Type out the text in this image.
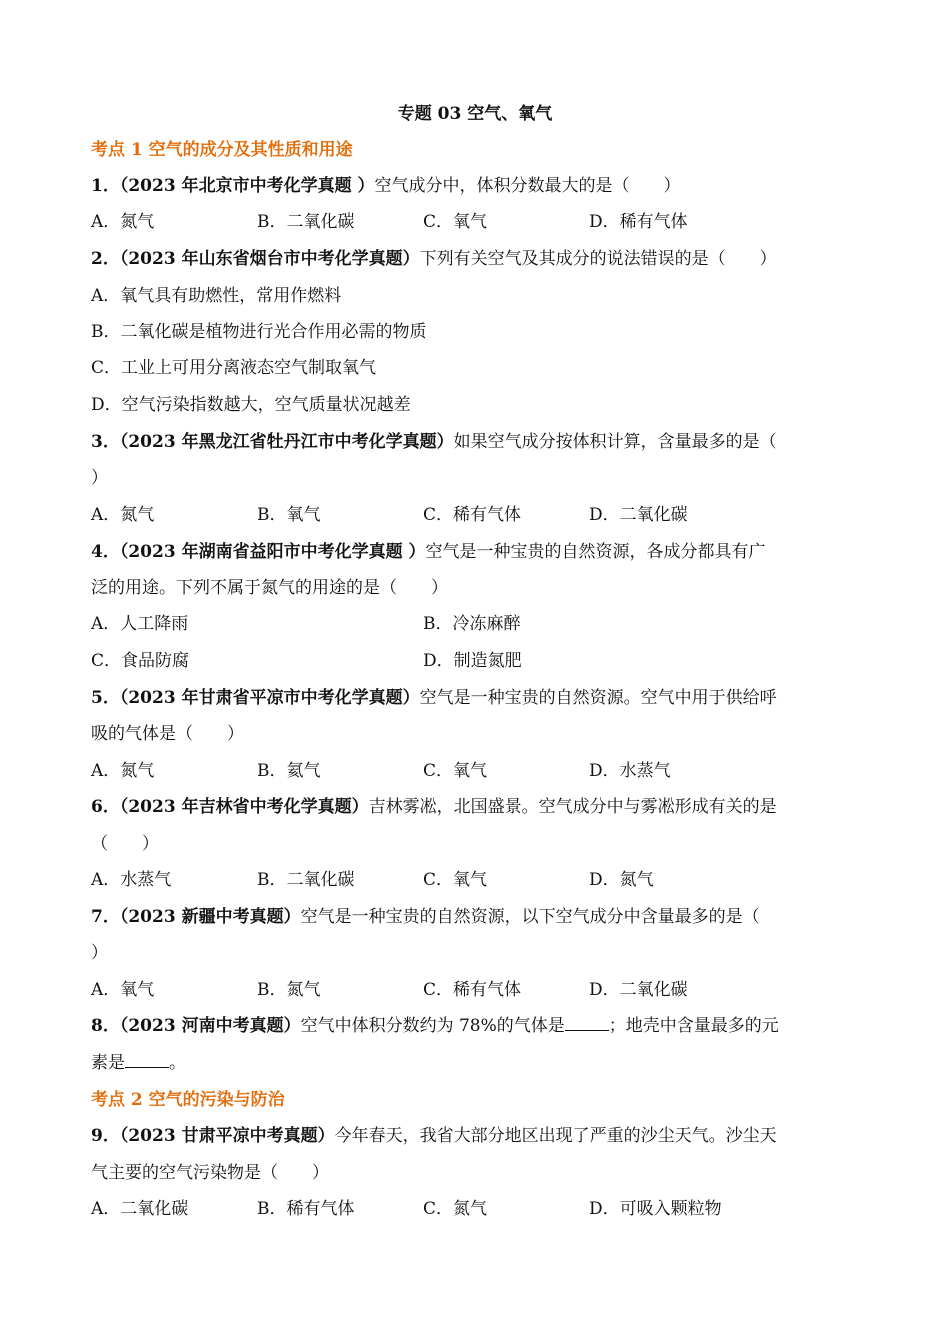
专题 03 空气、氧气
考点 1 空气的成分及其性质和用途
1．（2023 年北京市中考化学真题 ）空气成分中，体积分数最大的是（　　）
A．氮气	B．二氧化碳	C．氧气	D．稀有气体
2．（2023 年山东省烟台市中考化学真题）下列有关空气及其成分的说法错误的是（　　）
A．氧气具有助燃性，常用作燃料
B．二氧化碳是植物进行光合作用必需的物质
C．工业上可用分离液态空气制取氧气
D．空气污染指数越大，空气质量状况越差
3．（2023 年黑龙江省牡丹江市中考化学真题）如果空气成分按体积计算，含量最多的是（
）
A．氮气	B．氧气	C．稀有气体	D．二氧化碳
4．（2023 年湖南省益阳市中考化学真题 ）空气是一种宝贵的自然资源，各成分都具有广
泛的用途。下列不属于氮气的用途的是（　　）
A．人工降雨	B．冷冻麻醉
C．食品防腐	D．制造氮肥
5．（2023 年甘肃省平凉市中考化学真题）空气是一种宝贵的自然资源。空气中用于供给呼
吸的气体是（　　）
A．氮气	B．氦气	C．氧气	D．水蒸气
6．（2023 年吉林省中考化学真题）吉林雾凇，北国盛景。空气成分中与雾凇形成有关的是
（　　）
A．水蒸气	B．二氧化碳	C．氧气	D．氮气
7．（2023 新疆中考真题）空气是一种宝贵的自然资源，以下空气成分中含量最多的是（
）
A．氧气	B．氮气	C．稀有气体	D．二氧化碳
8．（2023 河南中考真题）空气中体积分数约为 78%的气体是	；地壳中含量最多的元
素是	。
考点 2 空气的污染与防治
9．（2023 甘肃平凉中考真题）今年春天，我省大部分地区出现了严重的沙尘天气。沙尘天
气主要的空气污染物是（　　）
A．二氧化碳	B．稀有气体	C．氮气	D．可吸入颗粒物
